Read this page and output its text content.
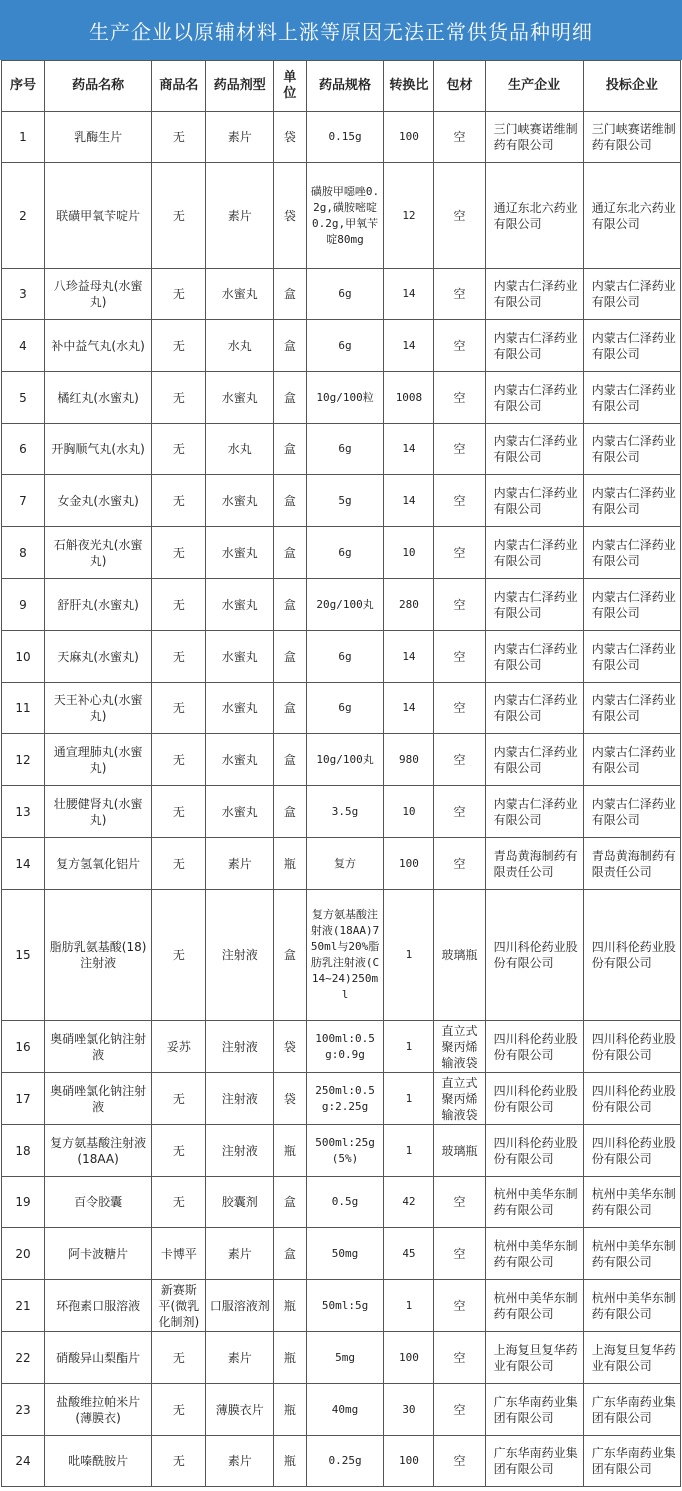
生产企业以原辅材料上涨等原因无法正常供货品种明细
序号	药品名称	商品名	药品剂型	单位	药品规格	转换比	包材	生产企业	投标企业
1	乳酶生片	无	素片	袋	0.15g	100	空	三门峡赛诺维制药有限公司	三门峡赛诺维制药有限公司
2	联磺甲氧苄啶片	无	素片	袋	磺胺甲噁唑0.2g,磺胺嘧啶0.2g,甲氧苄啶80mg	12	空	通辽东北六药业有限公司	通辽东北六药业有限公司
3	八珍益母丸(水蜜丸)	无	水蜜丸	盒	6g	14	空	内蒙古仁泽药业有限公司	内蒙古仁泽药业有限公司
4	补中益气丸(水丸)	无	水丸	盒	6g	14	空	内蒙古仁泽药业有限公司	内蒙古仁泽药业有限公司
5	橘红丸(水蜜丸)	无	水蜜丸	盒	10g/100粒	1008	空	内蒙古仁泽药业有限公司	内蒙古仁泽药业有限公司
6	开胸顺气丸(水丸)	无	水丸	盒	6g	14	空	内蒙古仁泽药业有限公司	内蒙古仁泽药业有限公司
7	女金丸(水蜜丸)	无	水蜜丸	盒	5g	14	空	内蒙古仁泽药业有限公司	内蒙古仁泽药业有限公司
8	石斛夜光丸(水蜜丸)	无	水蜜丸	盒	6g	10	空	内蒙古仁泽药业有限公司	内蒙古仁泽药业有限公司
9	舒肝丸(水蜜丸)	无	水蜜丸	盒	20g/100丸	280	空	内蒙古仁泽药业有限公司	内蒙古仁泽药业有限公司
10	天麻丸(水蜜丸)	无	水蜜丸	盒	6g	14	空	内蒙古仁泽药业有限公司	内蒙古仁泽药业有限公司
11	天王补心丸(水蜜丸)	无	水蜜丸	盒	6g	14	空	内蒙古仁泽药业有限公司	内蒙古仁泽药业有限公司
12	通宣理肺丸(水蜜丸)	无	水蜜丸	盒	10g/100丸	980	空	内蒙古仁泽药业有限公司	内蒙古仁泽药业有限公司
13	壮腰健肾丸(水蜜丸)	无	水蜜丸	盒	3.5g	10	空	内蒙古仁泽药业有限公司	内蒙古仁泽药业有限公司
14	复方氢氧化铝片	无	素片	瓶	复方	100	空	青岛黄海制药有限责任公司	青岛黄海制药有限责任公司
15	脂肪乳氨基酸(18)注射液	无	注射液	盒	复方氨基酸注射液(18AA)750ml与20%脂肪乳注射液(C14~24)250ml	1	玻璃瓶	四川科伦药业股份有限公司	四川科伦药业股份有限公司
16	奥硝唑氯化钠注射液	妥苏	注射液	袋	100ml:0.5g:0.9g	1	直立式聚丙烯输液袋	四川科伦药业股份有限公司	四川科伦药业股份有限公司
17	奥硝唑氯化钠注射液	无	注射液	袋	250ml:0.5g:2.25g	1	直立式聚丙烯输液袋	四川科伦药业股份有限公司	四川科伦药业股份有限公司
18	复方氨基酸注射液(18AA)	无	注射液	瓶	500ml:25g(5%)	1	玻璃瓶	四川科伦药业股份有限公司	四川科伦药业股份有限公司
19	百令胶囊	无	胶囊剂	盒	0.5g	42	空	杭州中美华东制药有限公司	杭州中美华东制药有限公司
20	阿卡波糖片	卡博平	素片	盒	50mg	45	空	杭州中美华东制药有限公司	杭州中美华东制药有限公司
21	环孢素口服溶液	新赛斯平(微乳化制剂)	口服溶液剂	瓶	50ml:5g	1	空	杭州中美华东制药有限公司	杭州中美华东制药有限公司
22	硝酸异山梨酯片	无	素片	瓶	5mg	100	空	上海复旦复华药业有限公司	上海复旦复华药业有限公司
23	盐酸维拉帕米片(薄膜衣)	无	薄膜衣片	瓶	40mg	30	空	广东华南药业集团有限公司	广东华南药业集团有限公司
24	吡嗪酰胺片	无	素片	瓶	0.25g	100	空	广东华南药业集团有限公司	广东华南药业集团有限公司
